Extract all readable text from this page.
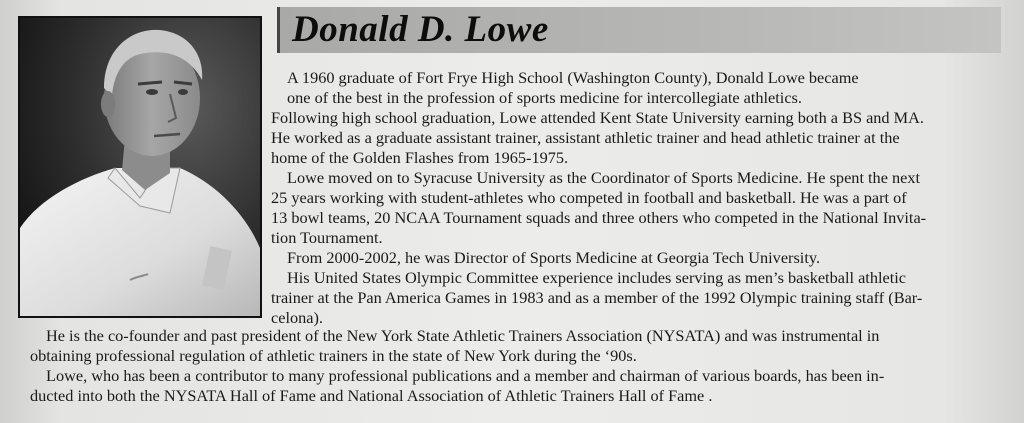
Donald D. Lowe

A 1960 graduate of Fort Frye High School (Washington County), Donald Lowe became

one of the best in the profession of sports medicine for intercollegiate athletics.

Following high school graduation, Lowe attended Kent State University earning both a BS and MA.

He worked as a graduate assistant trainer, assistant athletic trainer and head athletic trainer at the

home of the Golden Flashes from 1965-1975.

Lowe moved on to Syracuse University as the Coordinator of Sports Medicine. He spent the next

25 years working with student-athletes who competed in football and basketball. He was a part of

13 bowl teams, 20 NCAA Tournament squads and three others who competed in the National Invita-

tion Tournament.

From 2000-2002, he was Director of Sports Medicine at Georgia Tech University.

His United States Olympic Committee experience includes serving as men’s basketball athletic

trainer at the Pan America Games in 1983 and as a member of the 1992 Olympic training staff (Bar-

celona).

He is the co-founder and past president of the New York State Athletic Trainers Association (NYSATA) and was instrumental in

obtaining professional regulation of athletic trainers in the state of New York during the ‘90s.

Lowe, who has been a contributor to many professional publications and a member and chairman of various boards, has been in-

ducted into both the NYSATA Hall of Fame and National Association of Athletic Trainers Hall of Fame .
